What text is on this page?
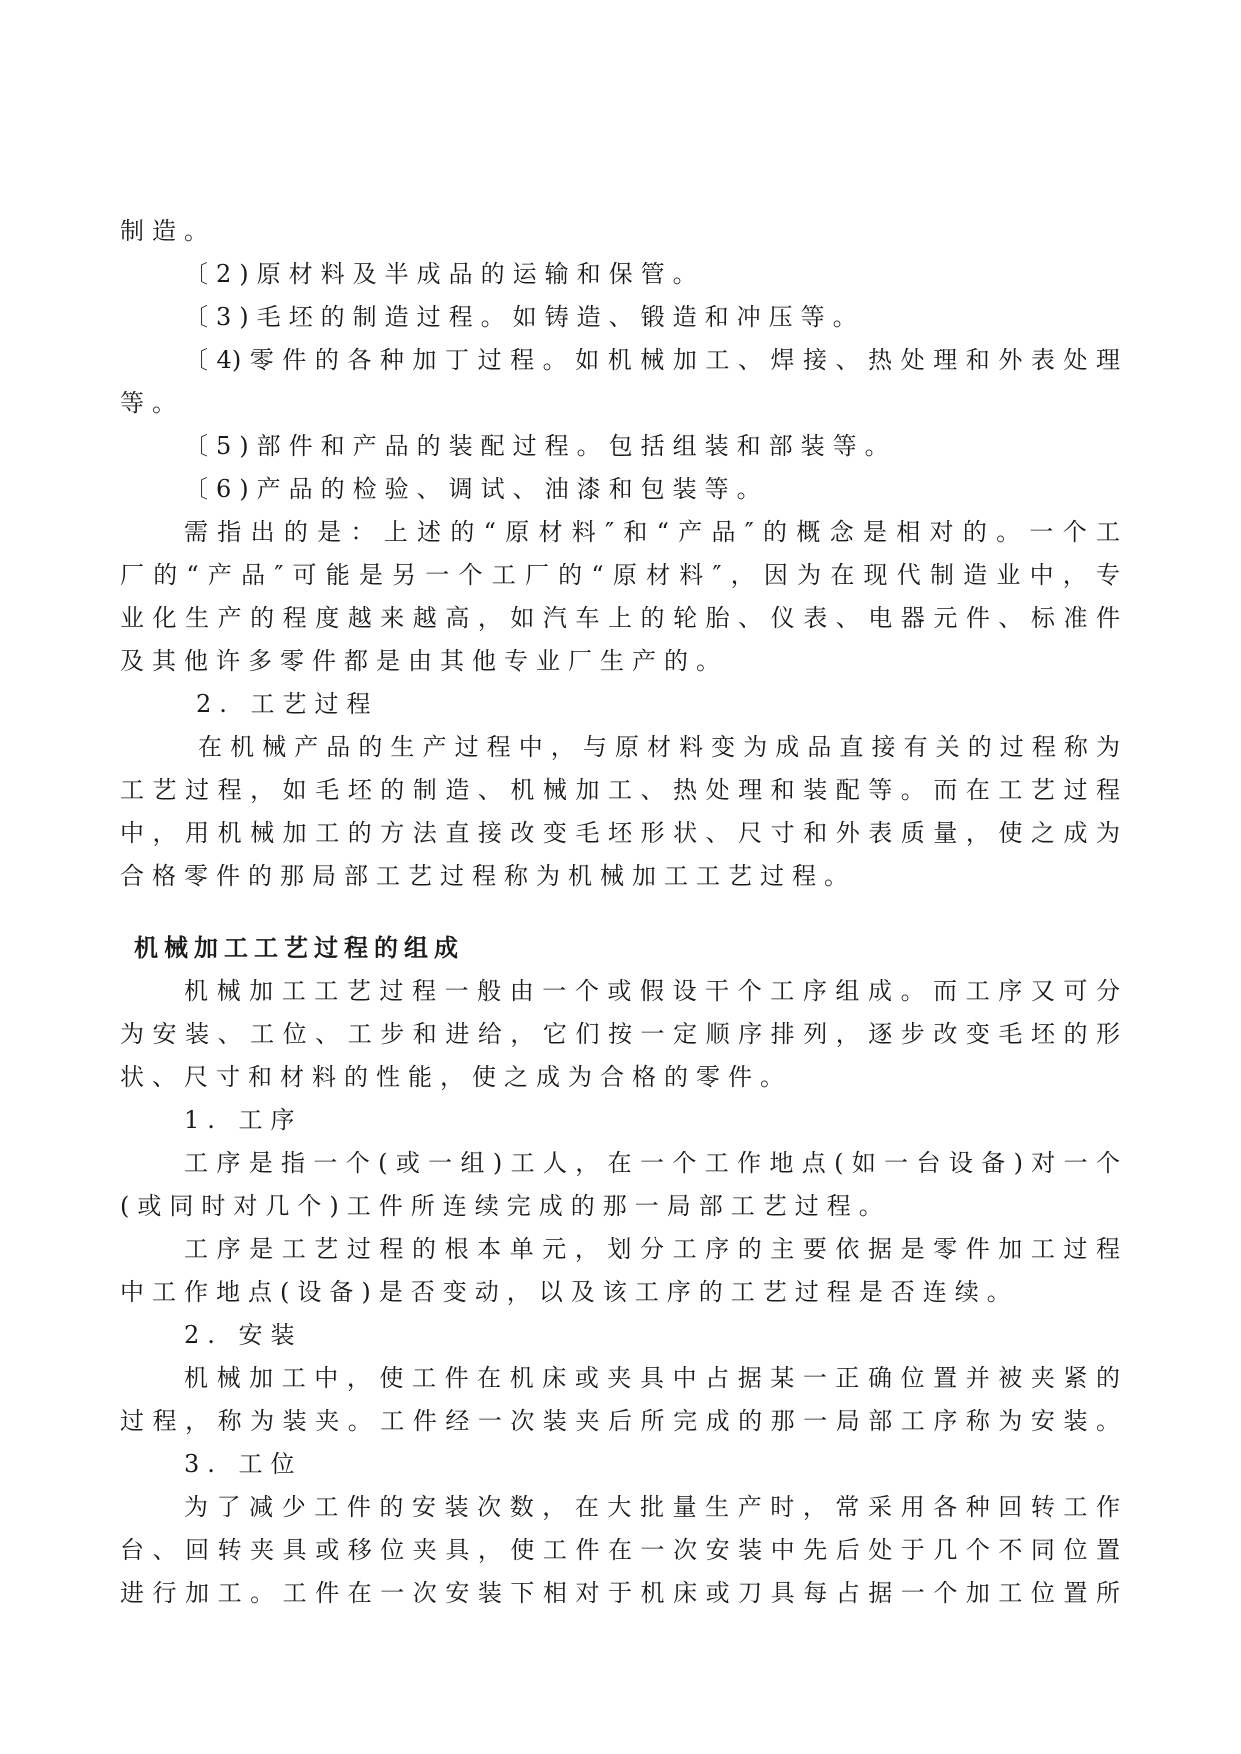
制造。
〔2)原材料及半成品的运输和保管。
〔3)毛坯的制造过程。如铸造、锻造和冲压等。
〔4)零件的各种加丁过程。如机械加工、焊接、热处理和外表处理
等。
〔5)部件和产品的装配过程。包括组装和部装等。
〔6)产品的检验、调试、油漆和包装等。
需指出的是：上述的“原材料″和“产品″的概念是相对的。一个工
厂的“产品″可能是另一个工厂的“原材料″，因为在现代制造业中，专
业化生产的程度越来越高，如汽车上的轮胎、仪表、电器元件、标准件
及其他许多零件都是由其他专业厂生产的。
2. 工艺过程
在机械产品的生产过程中，与原材料变为成品直接有关的过程称为
工艺过程，如毛坯的制造、机械加工、热处理和装配等。而在工艺过程
中，用机械加工的方法直接改变毛坯形状、尺寸和外表质量，使之成为
合格零件的那局部工艺过程称为机械加工工艺过程。
机械加工工艺过程的组成
机械加工工艺过程一般由一个或假设干个工序组成。而工序又可分
为安装、工位、工步和进给，它们按一定顺序排列，逐步改变毛坯的形
状、尺寸和材料的性能，使之成为合格的零件。
1. 工序
工序是指一个(或一组)工人，在一个工作地点(如一台设备)对一个
(或同时对几个)工件所连续完成的那一局部工艺过程。
工序是工艺过程的根本单元，划分工序的主要依据是零件加工过程
中工作地点(设备)是否变动，以及该工序的工艺过程是否连续。
2. 安装
机械加工中，使工件在机床或夹具中占据某一正确位置并被夹紧的
过程，称为装夹。工件经一次装夹后所完成的那一局部工序称为安装。
3. 工位
为了减少工件的安装次数，在大批量生产时，常采用各种回转工作
台、回转夹具或移位夹具，使工件在一次安装中先后处于几个不同位置
进行加工。工件在一次安装下相对于机床或刀具每占据一个加工位置所
